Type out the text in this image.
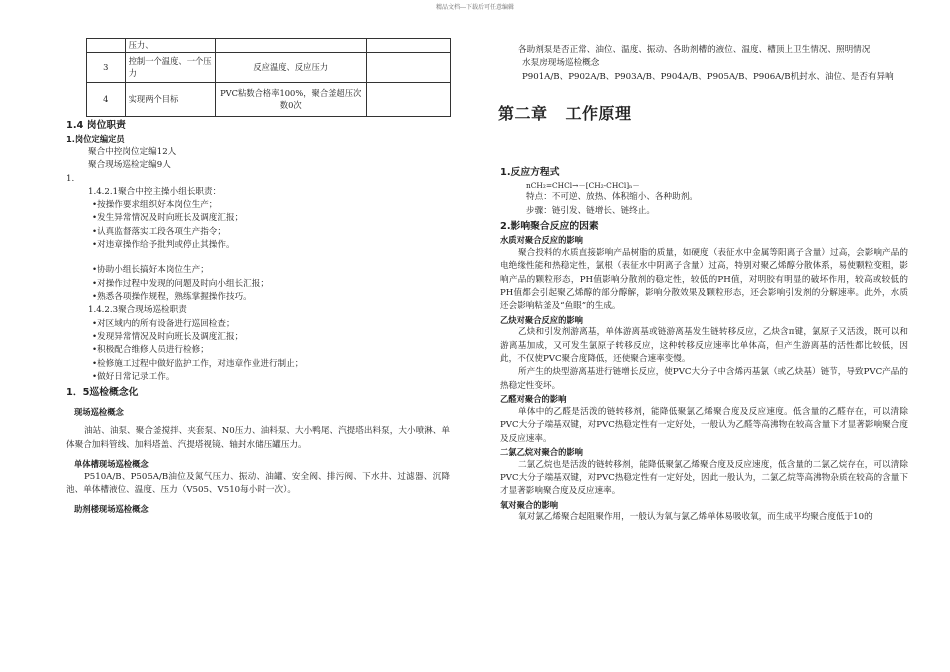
精品文档---下载后可任意编辑
	压力、		
3	控制一个温度、一个压力	反应温度、反应压力	
4	实现两个目标	PVC粘数合格率100%，聚合釜超压次数0次	
1.4 岗位职责
1.岗位定编定员
聚合中控岗位定编12人
聚合现场巡检定编9人
1.
1.4.2.1聚合中控主操小组长职责：
•按操作要求组织好本岗位生产；
•发生异常情况及时向班长及调度汇报；
•认真监督落实工段各项生产指令；
•对违章操作给予批判或停止其操作。
•协助小组长搞好本岗位生产；
•对操作过程中发现的问题及时向小组长汇报；
•熟悉各项操作规程，熟练掌握操作技巧。
1.4.2.3聚合现场巡检职责
•对区域内的所有设备进行巡回检查；
•发现异常情况及时向班长及调度汇报；
•积极配合维修人员进行检修；
•检修施工过程中做好监护工作，对违章作业进行制止；
•做好日常记录工作。
1．5巡检概念化
现场巡检概念
油站、油泵、聚合釜搅拌、夹套泵、N0压力、油料泵、大小鸭尾、汽提塔出料泵，大小喷淋、单体聚合加料管线、加料塔盖、汽提塔视镜、轴封水储压罐压力。
单体槽现场巡检概念
P510A/B、P505A/B油位及氮气压力、振动、油罐、安全阀、排污阀、下水井、过滤器、沉降池、单体槽液位、温度、压力（V505、V510每小时一次）。
助剂楼现场巡检概念
各助剂泵是否正常、油位、温度、振动、各助剂槽的液位、温度、槽顶上卫生情况、照明情况
水泵房现场巡检概念
P901A/B、P902A/B、P903A/B、P904A/B、P905A/B、P906A/B机封水、油位、是否有异响
第二章 工作原理
1.反应方程式
nCH₂=CHCl→－[CH₂-CHCl]ₙ－
特点：不可逆、放热、体积缩小、各种助剂。
步骤：链引发、链增长、链终止。
2.影响聚合反应的因素
水质对聚合反应的影响
聚合投料的水质直接影响产品树脂的质量，如硬度（表征水中金属等阳离子含量）过高，会影响产品的电绝缘性能和热稳定性，氯根（表征水中阴离子含量）过高，特别对聚乙烯醇分散体系，易使颗粒变粗，影响产品的颗粒形态，PH值影响分散剂的稳定性，较低的PH值，对明胶有明显的破坏作用，较高或较低的PH值都会引起聚乙烯醇的部分醇解，影响分散效果及颗粒形态，还会影响引发剂的分解速率。此外，水质还会影响粘釜及“鱼眼”的生成。
乙炔对聚合反应的影响
乙炔和引发剂游离基，单体游离基或链游离基发生链转移反应，乙炔含π键，氯原子又活泼，既可以和游离基加成，又可发生氯原子转移反应，这种转移反应速率比单体高，但产生游离基的活性都比较低，因此，不仅使PVC聚合度降低，还使聚合速率变慢。
所产生的炔型游离基进行链增长反应，使PVC大分子中含烯丙基氯（或乙炔基）链节，导致PVC产品的热稳定性变坏。
乙醛对聚合的影响
单体中的乙醛是活泼的链转移剂，能降低聚氯乙烯聚合度及反应速度。低含量的乙醛存在，可以清除PVC大分子端基双键，对PVC热稳定性有一定好处，一般认为乙醛等高沸物在较高含量下才显著影响聚合度及反应速率。
二氯乙烷对聚合的影响
二氯乙烷也是活泼的链转移剂，能降低聚氯乙烯聚合度及反应速度，低含量的二氯乙烷存在，可以清除PVC大分子端基双键，对PVC热稳定性有一定好处，因此一般认为，二氯乙烷等高沸物杂质在较高的含量下才显著影响聚合度及反应速率。
氧对聚合的影响
氧对氯乙烯聚合起阻聚作用，一般认为氧与氯乙烯单体易吸收氧，而生成平均聚合度低于10的
